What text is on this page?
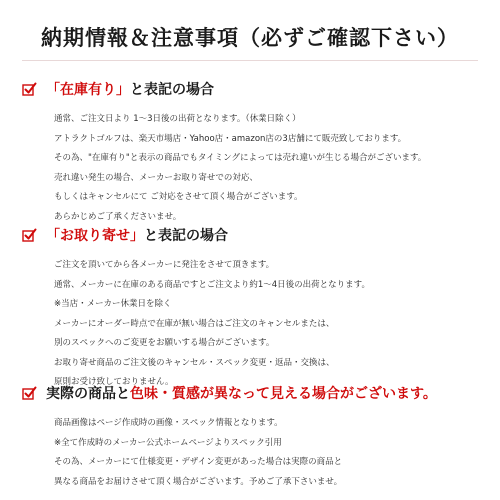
納期情報＆注意事項（必ずご確認下さい）
「在庫有り」と表記の場合
通常、ご注文日より 1～3日後の出荷となります。（休業日除く）
アトラクトゴルフは、楽天市場店・Yahoo店・amazon店の3店舗にて販売致しております。
その為、"在庫有り"と表示の商品でもタイミングによっては売れ違いが生じる場合がございます。
売れ違い発生の場合、メーカーお取り寄せでの対応、
もしくはキャンセルにて ご対応をさせて頂く場合がございます。
あらかじめご了承くださいませ。
「お取り寄せ」と表記の場合
ご注文を頂いてから各メーカーに発注をさせて頂きます。
通常、メーカーに在庫のある商品ですとご注文より約1～4日後の出荷となります。
※当店・メーカー休業日を除く
メーカーにオーダー時点で在庫が無い場合はご注文のキャンセルまたは、
別のスペックへのご変更をお願いする場合がございます。
お取り寄せ商品のご注文後のキャンセル・スペック変更・返品・交換は、
原則お受け致しておりません。
実際の商品と色味・質感が異なって見える場合がございます。
商品画像はページ作成時の画像・スペック情報となります。
※全て作成時のメーカー公式ホームページよりスペック引用
その為、メーカーにて仕様変更・デザイン変更があった場合は実際の商品と
異なる商品をお届けさせて頂く場合がございます。予めご了承下さいませ。
